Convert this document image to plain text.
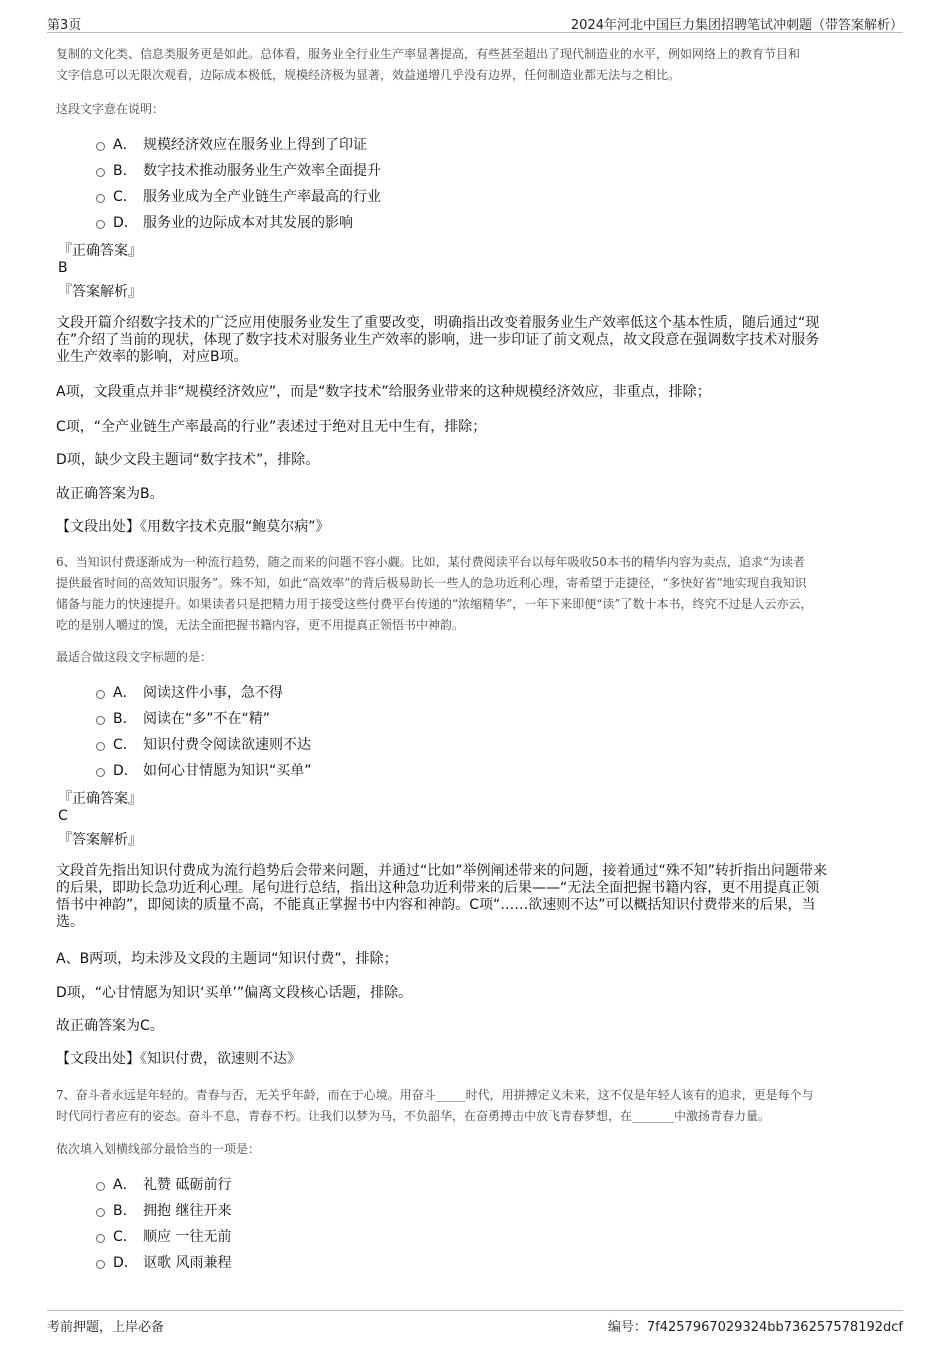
第3页	2024年河北中国巨力集团招聘笔试冲刺题（带答案解析）
复制的文化类、信息类服务更是如此。总体看，服务业全行业生产率显著提高，有些甚至超出了现代制造业的水平，例如网络上的教育节目和
文字信息可以无限次观看，边际成本极低，规模经济极为显著，效益递增几乎没有边界，任何制造业都无法与之相比。
这段文字意在说明：
A． 规模经济效应在服务业上得到了印证
B． 数字技术推动服务业生产效率全面提升
C． 服务业成为全产业链生产率最高的行业
D． 服务业的边际成本对其发展的影响
『正确答案』
B
『答案解析』
文段开篇介绍数字技术的广泛应用使服务业发生了重要改变，明确指出改变着服务业生产效率低这个基本性质，随后通过“现
在”介绍了当前的现状，体现了数字技术对服务业生产效率的影响，进一步印证了前文观点，故文段意在强调数字技术对服务
业生产效率的影响，对应B项。
A项，文段重点并非“规模经济效应”，而是“数字技术”给服务业带来的这种规模经济效应，非重点，排除；
C项，“全产业链生产率最高的行业”表述过于绝对且无中生有，排除；
D项，缺少文段主题词“数字技术”，排除。
故正确答案为B。
【文段出处】《用数字技术克服“鲍莫尔病”》
6、当知识付费逐渐成为一种流行趋势，随之而来的问题不容小觑。比如，某付费阅读平台以每年吸收50本书的精华内容为卖点，追求“为读者
提供最省时间的高效知识服务”。殊不知，如此“高效率”的背后极易助长一些人的急功近利心理，寄希望于走捷径，“多快好省”地实现自我知识
储备与能力的快速提升。如果读者只是把精力用于接受这些付费平台传递的“浓缩精华”，一年下来即便“读”了数十本书，终究不过是人云亦云，
吃的是别人嚼过的馍，无法全面把握书籍内容，更不用提真正领悟书中神韵。
最适合做这段文字标题的是：
A． 阅读这件小事，急不得
B． 阅读在“多”不在“精”
C． 知识付费令阅读欲速则不达
D． 如何心甘情愿为知识“买单”
『正确答案』
C
『答案解析』
文段首先指出知识付费成为流行趋势后会带来问题，并通过“比如”举例阐述带来的问题，接着通过“殊不知”转折指出问题带来
的后果，即助长急功近利心理。尾句进行总结，指出这种急功近利带来的后果——“无法全面把握书籍内容，更不用提真正领
悟书中神韵”，即阅读的质量不高，不能真正掌握书中内容和神韵。C项“……欲速则不达”可以概括知识付费带来的后果，当
选。
A、B两项，均未涉及文段的主题词“知识付费”，排除；
D项，“心甘情愿为知识‘买单’”偏离文段核心话题，排除。
故正确答案为C。
【文段出处】《知识付费，欲速则不达》
7、奋斗者永远是年轻的。青春与否，无关乎年龄，而在于心境。用奋斗_____时代，用拼搏定义未来，这不仅是年轻人该有的追求，更是每个与
时代同行者应有的姿态。奋斗不息，青春不朽。让我们以梦为马，不负韶华，在奋勇搏击中放飞青春梦想，在_______中激扬青春力量。
依次填入划横线部分最恰当的一项是：
A． 礼赞 砥砺前行
B． 拥抱 继往开来
C． 顺应 一往无前
D． 讴歌 风雨兼程
考前押题，上岸必备	编号：7f4257967029324bb736257578192dcf
